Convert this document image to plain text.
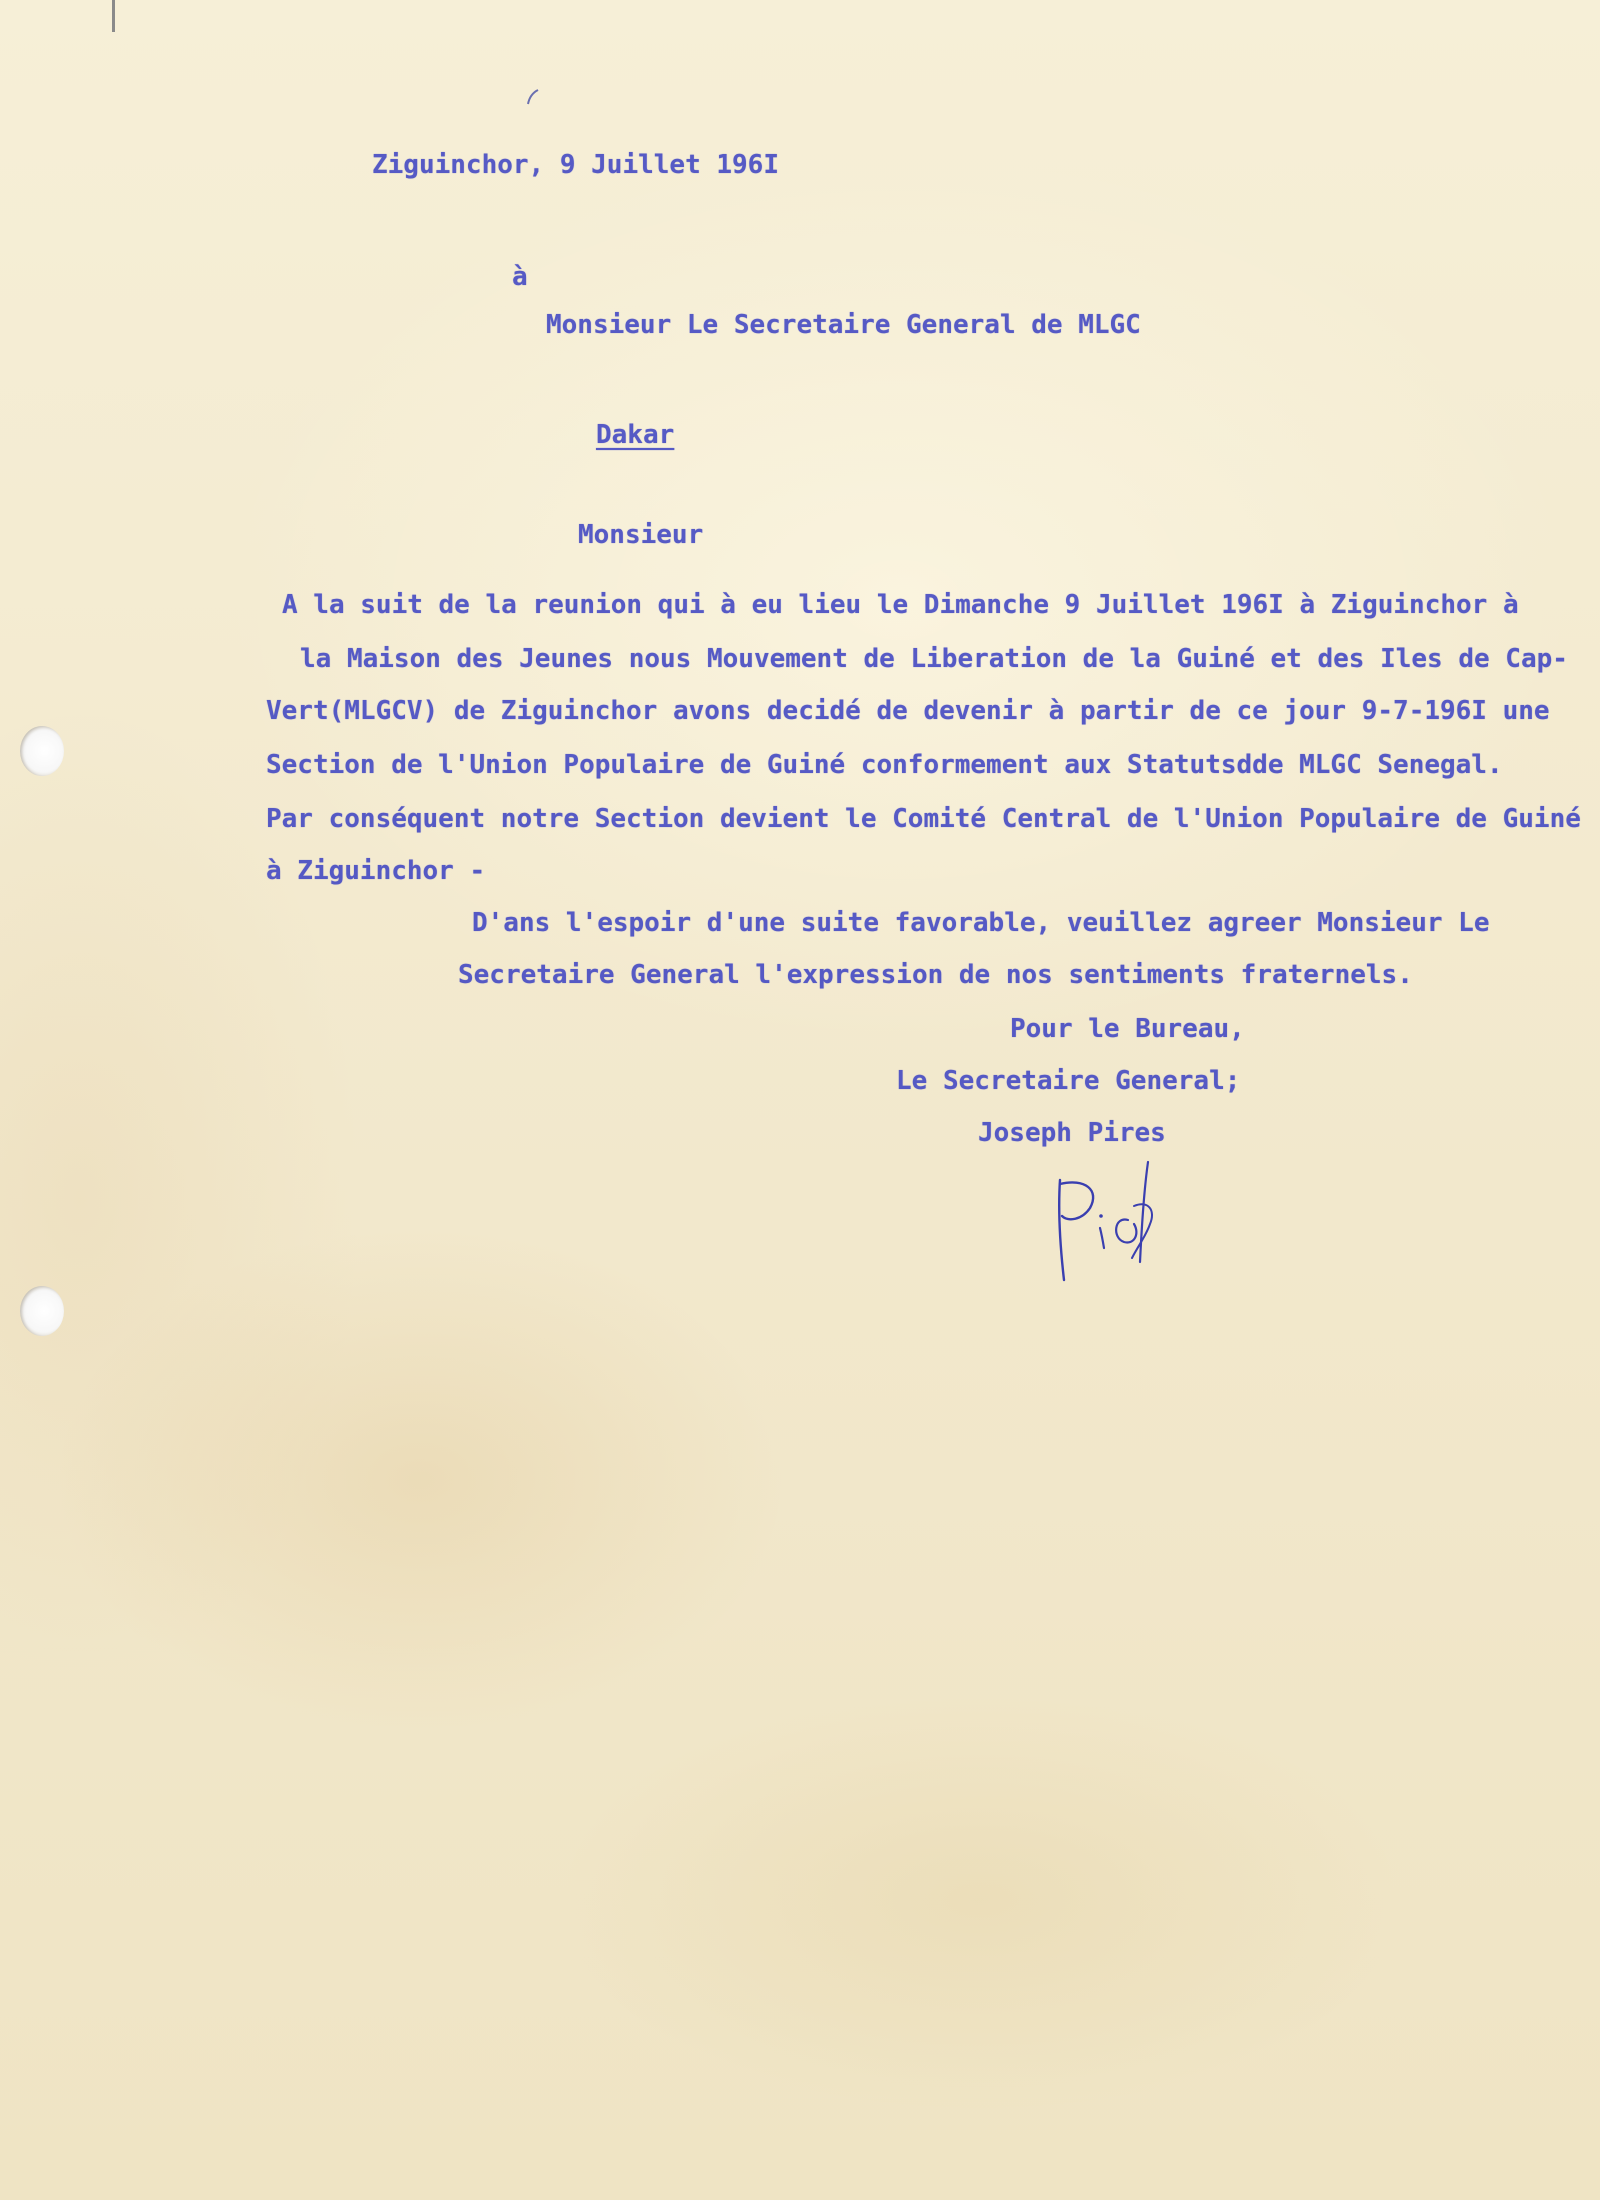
Ziguinchor, 9 Juillet 196I
à
Monsieur Le Secretaire General de MLGC
Dakar
Monsieur
A la suit de la reunion qui à eu lieu le Dimanche 9 Juillet 196I à Ziguinchor à
la Maison des Jeunes nous Mouvement de Liberation de la Guiné et des Iles de Cap-
Vert(MLGCV) de Ziguinchor avons decidé de devenir à partir de ce jour 9-7-196I une
Section de l'Union Populaire de Guiné conformement aux Statutsdde MLGC Senegal.
Par conséquent notre Section devient le Comité Central de l'Union Populaire de Guiné
à Ziguinchor -
D'ans l'espoir d'une suite favorable, veuillez agreer Monsieur Le
Secretaire General l'expression de nos sentiments fraternels.
Pour le Bureau,
Le Secretaire General;
Joseph Pires
